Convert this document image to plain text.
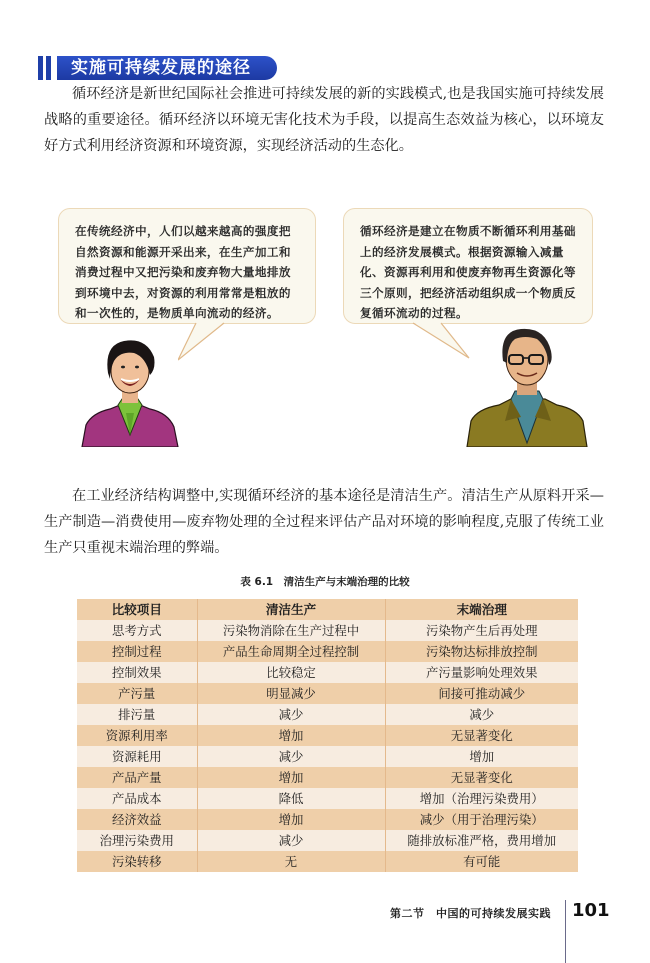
实施可持续发展的途径

循环经济是新世纪国际社会推进可持续发展的新的实践模式,也是我国实施可持续发展战略的重要途径。循环经济以环境无害化技术为手段，以提高生态效益为核心，以环境友好方式利用经济资源和环境资源，实现经济活动的生态化。

在传统经济中，人们以越来越高的强度把自然资源和能源开采出来，在生产加工和消费过程中又把污染和废弃物大量地排放到环境中去，对资源的利用常常是粗放的和一次性的，是物质单向流动的经济。
循环经济是建立在物质不断循环利用基础上的经济发展模式。根据资源输入减量化、资源再利用和使废弃物再生资源化等三个原则，把经济活动组织成一个物质反复循环流动的过程。

在工业经济结构调整中,实现循环经济的基本途径是清洁生产。清洁生产从原料开采—生产制造—消费使用—废弃物处理的全过程来评估产品对环境的影响程度,克服了传统工业生产只重视末端治理的弊端。

表 6.1　清洁生产与末端治理的比较
比较项目	清洁生产	末端治理
思考方式	污染物消除在生产过程中	污染物产生后再处理
控制过程	产品生命周期全过程控制	污染物达标排放控制
控制效果	比较稳定	产污量影响处理效果
产污量	明显减少	间接可推动减少
排污量	减少	减少
资源利用率	增加	无显著变化
资源耗用	减少	增加
产品产量	增加	无显著变化
产品成本	降低	增加（治理污染费用）
经济效益	增加	减少（用于治理污染）
治理污染费用	减少	随排放标准严格，费用增加
污染转移	无	有可能
第二节　中国的可持续发展实践 101
